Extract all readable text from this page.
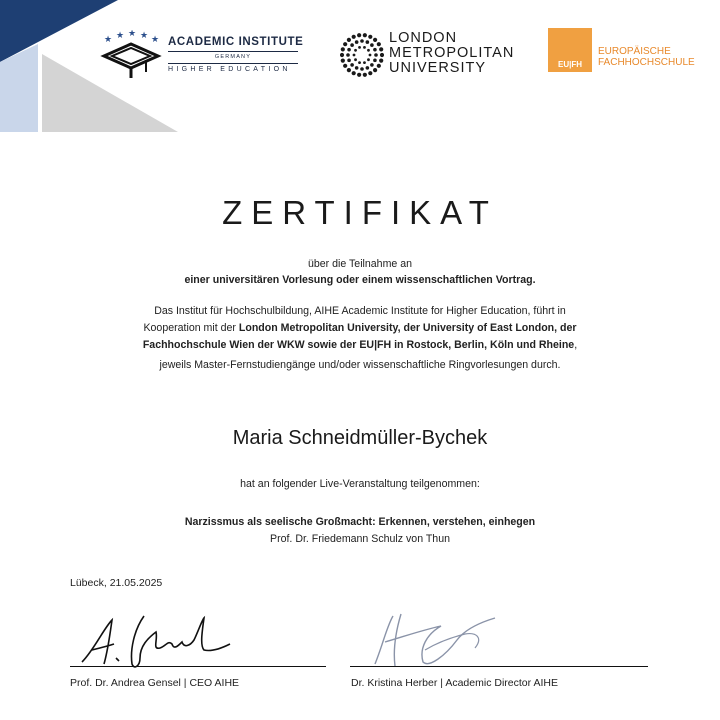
★ ★ ★ ★ ★ ACADEMIC INSTITUTE
GERMANY
HIGHER EDUCATION
LONDON
METROPOLITAN
UNIVERSITY	EU|FH
EUROPÄISCHE
FACHHOCHSCHULE
ZERTIFIKAT
über die Teilnahme an
einer universitären Vorlesung oder einem wissenschaftlichen Vortrag.
Das Institut für Hochschulbildung, AIHE Academic Institute for Higher Education, führt in
Kooperation mit der London Metropolitan University, der University of East London, der
Fachhochschule Wien der WKW sowie der EU|FH in Rostock, Berlin, Köln und Rheine,
jeweils Master-Fernstudiengänge und/oder wissenschaftliche Ringvorlesungen durch.
Maria Schneidmüller-Bychek
hat an folgender Live-Veranstaltung teilgenommen:
Narzissmus als seelische Großmacht: Erkennen, verstehen, einhegen
Prof. Dr. Friedemann Schulz von Thun
Lübeck, 21.05.2025
Prof. Dr. Andrea Gensel | CEO AIHE	Dr. Kristina Herber | Academic Director AIHE
